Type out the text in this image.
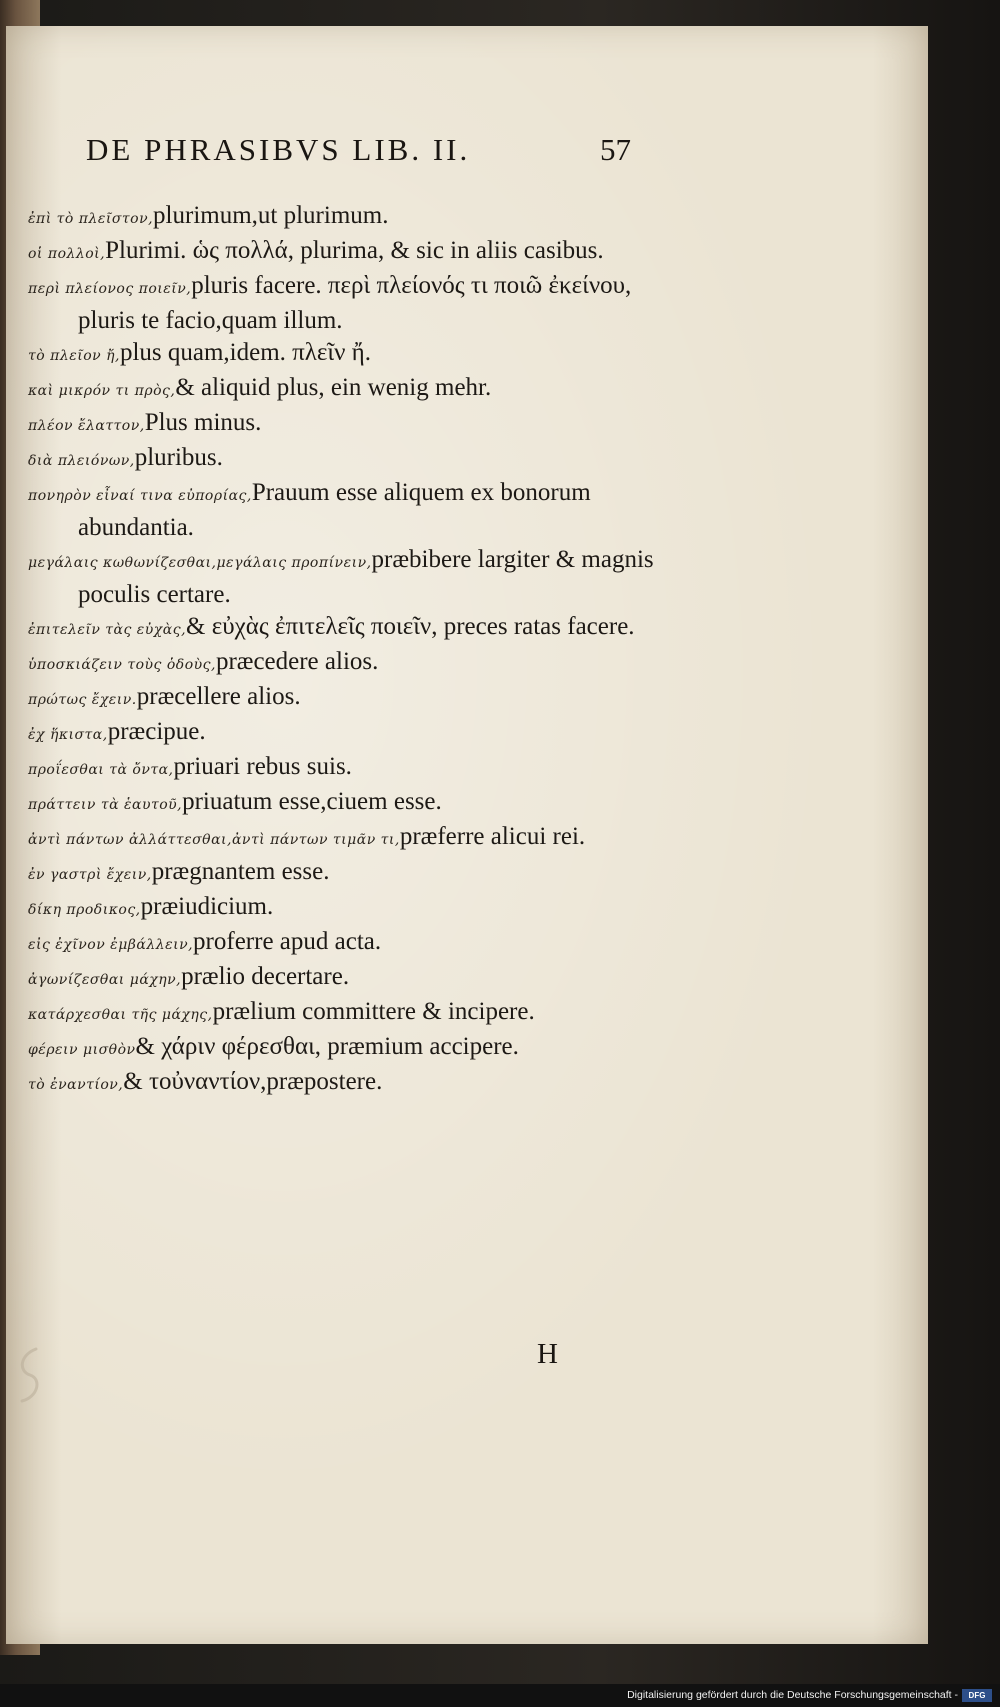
DE PHRASIBVS LIB. II.	57
ἐπὶ τὸ πλεῖστον,plurimum,ut plurimum.
οἱ πολλοὶ,Plurimi. ὡς πολλά, plurima, & sic in aliis casibus.
περὶ πλείονος ποιεῖν,pluris facere. περὶ πλείονός τι ποιῶ ἐκείνου, pluris te facio,quam illum.
τὸ πλεῖον ἤ,plus quam,idem. πλεῖν ἤ.
καὶ μικρόν τι πρὸς,& aliquid plus, ein wenig mehr.
πλέον ἔλαττον,Plus minus.
διὰ πλειόνων,pluribus.
πονηρὸν εἶναί τινα εὐπορίας,Prauum esse aliquem ex bonorum abundantia.
μεγάλαις κωθωνίζεσθαι,μεγάλαις προπίνειν,præbibere largiter & magnis poculis certare.
ἐπιτελεῖν τὰς εὐχὰς,& εὐχὰς ἐπιτελεῖς ποιεῖν, preces ratas facere.
ὑποσκιάζειν τοὺς ὁδοὺς,præcedere alios.
πρώτως ἔχειν.præcellere alios.
ἐχ ἥκιστα,præcipue.
προΐεσθαι τὰ ὄντα,priuari rebus suis.
πράττειν τὰ ἑαυτοῦ,priuatum esse,ciuem esse.
ἀντὶ πάντων ἀλλάττεσθαι,ἀντὶ πάντων τιμᾶν τι,præferre alicui rei.
ἐν γαστρὶ ἔχειν,prægnantem esse.
δίκη προδικος,præiudicium.
εἰς ἐχῖνον ἐμβάλλειν,proferre apud acta.
ἀγωνίζεσθαι μάχην,prælio decertare.
κατάρχεσθαι τῆς μάχης,prælium committere & incipere.
φέρειν μισθὸν& χάριν φέρεσθαι, præmium accipere.
τὸ ἐναντίον,& τοὐναντίον,præpostere.
H
Digitalisierung gefördert durch die Deutsche Forschungsgemeinschaft -	DFG
